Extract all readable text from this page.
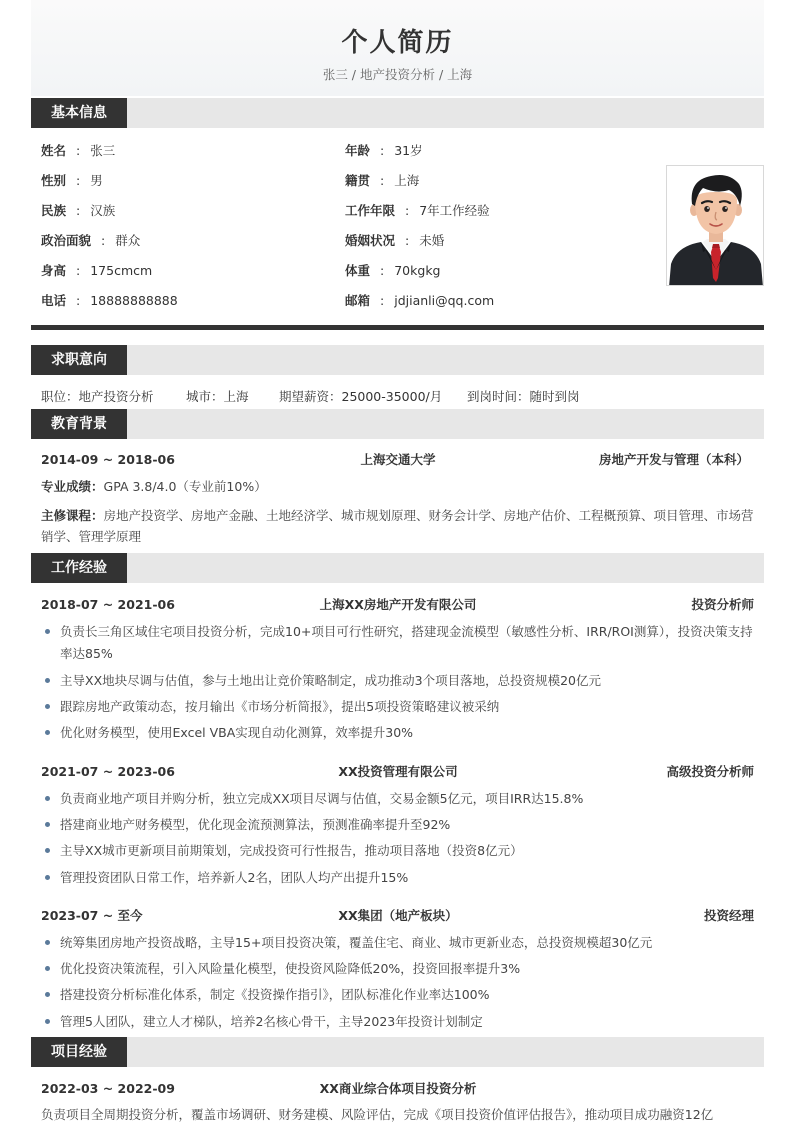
个人简历
张三 / 地产投资分析 / 上海
基本信息
姓名 : 张三
性别 : 男
民族 : 汉族
政治面貌 : 群众
身高 : 175cmcm
电话 : 18888888888
年龄 : 31岁
籍贯 : 上海
工作年限 : 7年工作经验
婚姻状况 : 未婚
体重 : 70kgkg
邮箱 : jdjianli@qq.com
求职意向
职位：地产投资分析	城市：上海 期望薪资：25000-35000/月 到岗时间：随时到岗
教育背景
2014-09 ~ 2018-06	上海交通大学	房地产开发与管理（本科）
专业成绩：GPA 3.8/4.0（专业前10%）
主修课程：房地产投资学、房地产金融、土地经济学、城市规划原理、财务会计学、房地产估价、工程概预算、项目管理、市场营销学、管理学原理
工作经验
2018-07 ~ 2021-06	上海XX房地产开发有限公司	投资分析师
负责长三角区域住宅项目投资分析，完成10+项目可行性研究，搭建现金流模型（敏感性分析、IRR/ROI测算），投资决策支持率达85%
主导XX地块尽调与估值，参与土地出让竞价策略制定，成功推动3个项目落地，总投资规模20亿元
跟踪房地产政策动态，按月输出《市场分析简报》，提出5项投资策略建议被采纳
优化财务模型，使用Excel VBA实现自动化测算，效率提升30%
2021-07 ~ 2023-06	XX投资管理有限公司	高级投资分析师
负责商业地产项目并购分析，独立完成XX项目尽调与估值，交易金额5亿元，项目IRR达15.8%
搭建商业地产财务模型，优化现金流预测算法，预测准确率提升至92%
主导XX城市更新项目前期策划，完成投资可行性报告，推动项目落地（投资8亿元）
管理投资团队日常工作，培养新人2名，团队人均产出提升15%
2023-07 ~ 至今	XX集团（地产板块）	投资经理
统筹集团房地产投资战略，主导15+项目投资决策，覆盖住宅、商业、城市更新业态，总投资规模超30亿元
优化投资决策流程，引入风险量化模型，使投资风险降低20%，投资回报率提升3%
搭建投资分析标准化体系，制定《投资操作指引》，团队标准化作业率达100%
管理5人团队，建立人才梯队，培养2名核心骨干，主导2023年投资计划制定
项目经验
2022-03 ~ 2022-09	XX商业综合体项目投资分析
负责项目全周期投资分析，覆盖市场调研、财务建模、风险评估，完成《项目投资价值评估报告》，推动项目成功融资12亿
